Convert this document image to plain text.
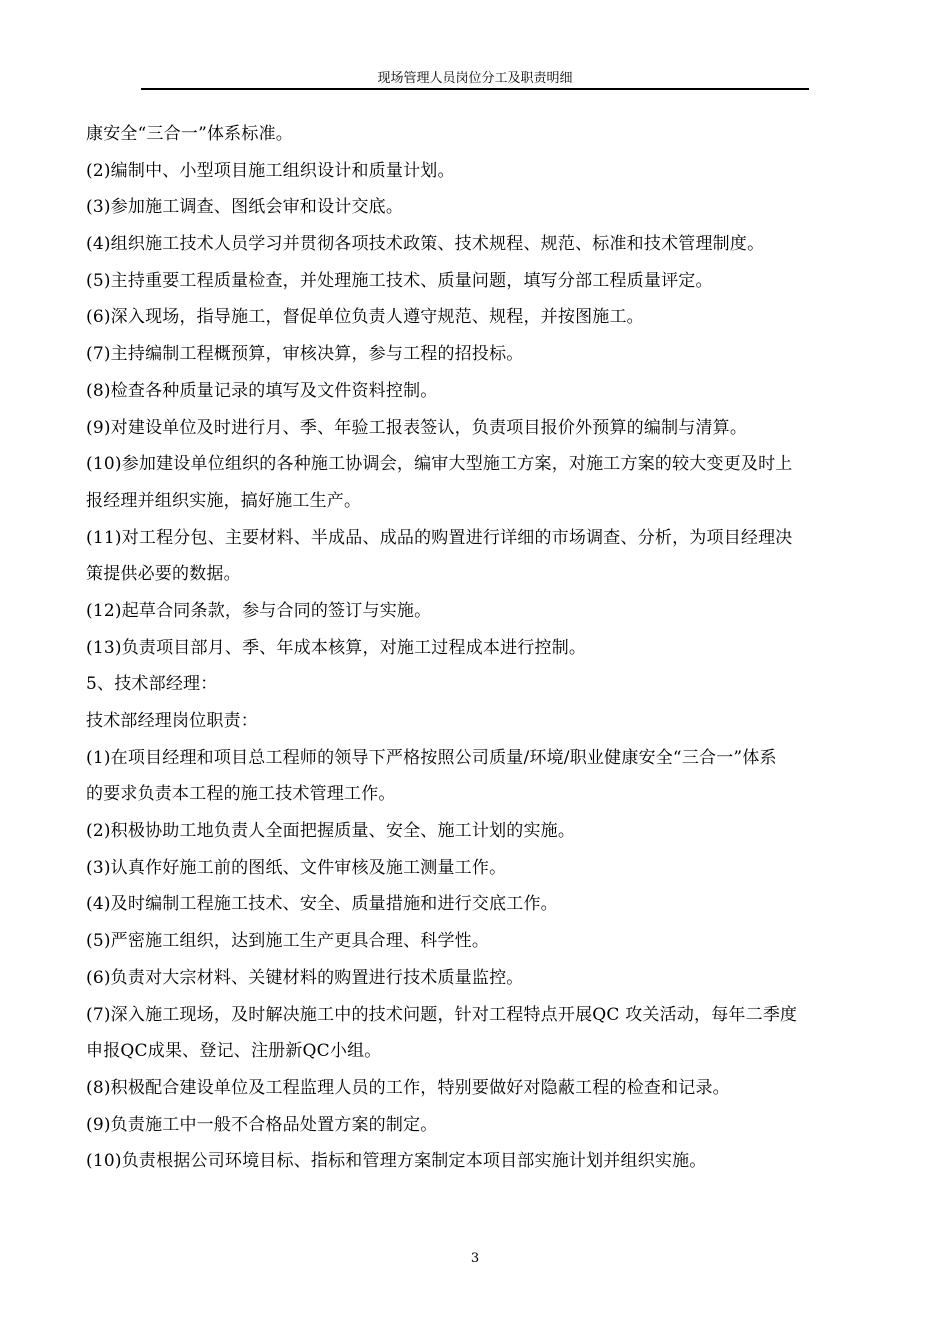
现场管理人员岗位分工及职责明细
康安全“三合一”体系标准。
(2)编制中、小型项目施工组织设计和质量计划。
(3)参加施工调查、图纸会审和设计交底。
(4)组织施工技术人员学习并贯彻各项技术政策、技术规程、规范、标准和技术管理制度。
(5)主持重要工程质量检查，并处理施工技术、质量问题，填写分部工程质量评定。
(6)深入现场，指导施工，督促单位负责人遵守规范、规程，并按图施工。
(7)主持编制工程概预算，审核决算，参与工程的招投标。
(8)检查各种质量记录的填写及文件资料控制。
(9)对建设单位及时进行月、季、年验工报表签认，负责项目报价外预算的编制与清算。
(10)参加建设单位组织的各种施工协调会，编审大型施工方案，对施工方案的较大变更及时上
报经理并组织实施，搞好施工生产。
(11)对工程分包、主要材料、半成品、成品的购置进行详细的市场调查、分析，为项目经理决
策提供必要的数据。
(12)起草合同条款，参与合同的签订与实施。
(13)负责项目部月、季、年成本核算，对施工过程成本进行控制。
5、技术部经理：
技术部经理岗位职责：
(1)在项目经理和项目总工程师的领导下严格按照公司质量/环境/职业健康安全“三合一”体系
的要求负责本工程的施工技术管理工作。
(2)积极协助工地负责人全面把握质量、安全、施工计划的实施。
(3)认真作好施工前的图纸、文件审核及施工测量工作。
(4)及时编制工程施工技术、安全、质量措施和进行交底工作。
(5)严密施工组织，达到施工生产更具合理、科学性。
(6)负责对大宗材料、关键材料的购置进行技术质量监控。
(7)深入施工现场，及时解决施工中的技术问题，针对工程特点开展QC 攻关活动，每年二季度
申报QC成果、登记、注册新QC小组。
(8)积极配合建设单位及工程监理人员的工作，特别要做好对隐蔽工程的检查和记录。
(9)负责施工中一般不合格品处置方案的制定。
(10)负责根据公司环境目标、指标和管理方案制定本项目部实施计划并组织实施。
3
